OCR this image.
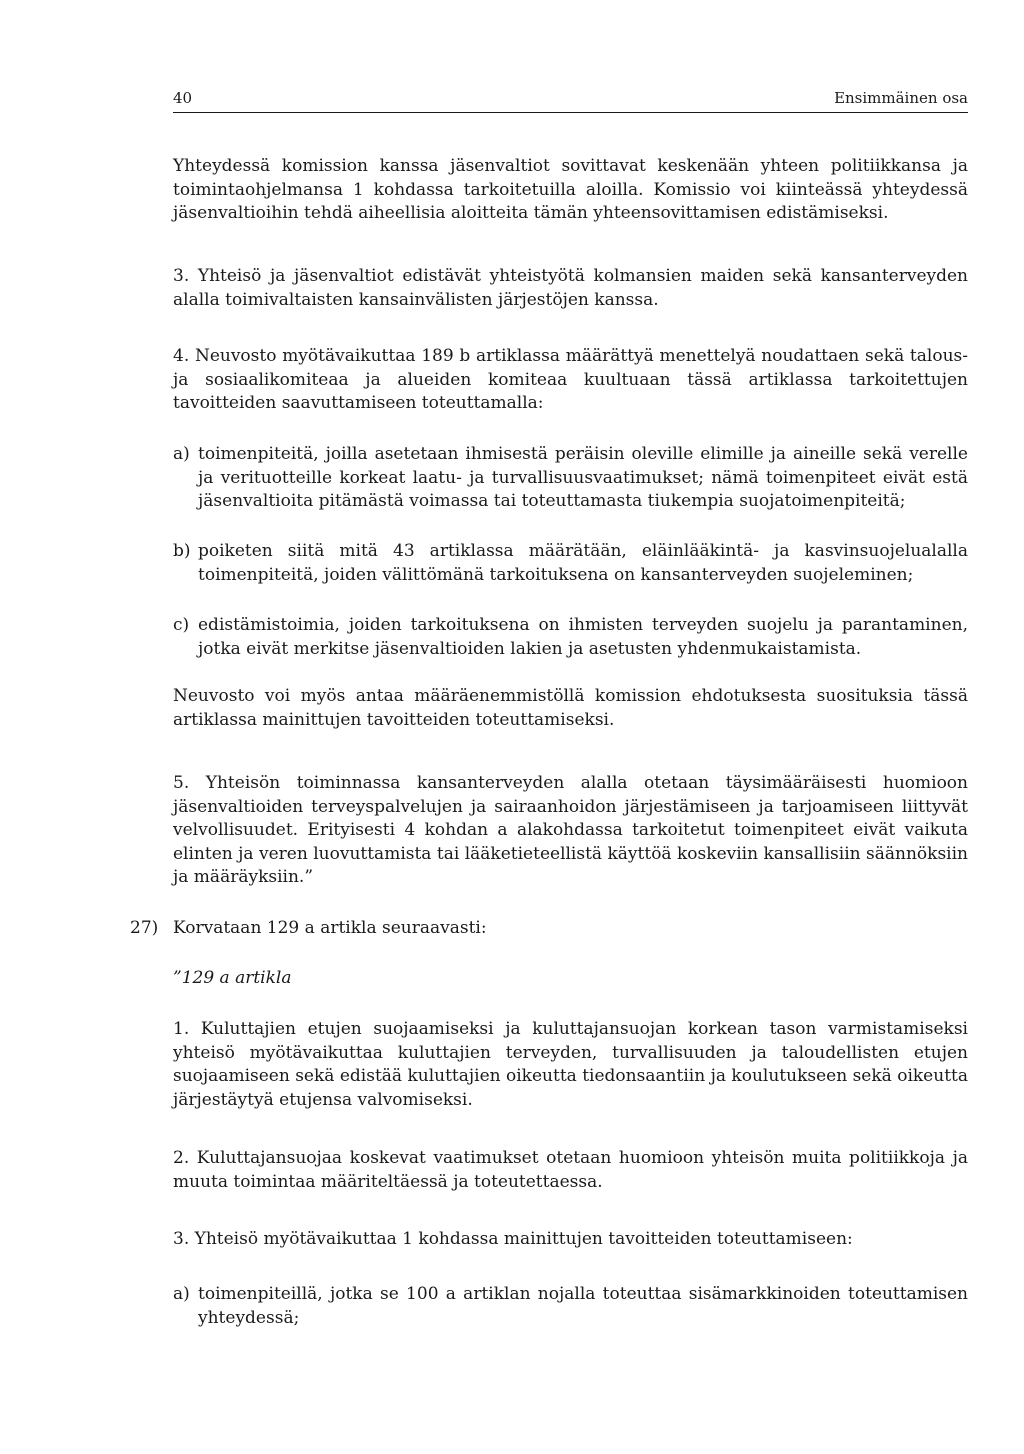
40	Ensimmäinen osa

Yhteydessä komission kanssa jäsenvaltiot sovittavat keskenään yhteen politiikkansa ja toimintaohjelmansa 1 kohdassa tarkoitetuilla aloilla. Komissio voi kiinteässä yhteydessä jäsenvaltioihin tehdä aiheellisia aloitteita tämän yhteensovittamisen edistämiseksi.

3. Yhteisö ja jäsenvaltiot edistävät yhteistyötä kolmansien maiden sekä kansanterveyden alalla toimivaltaisten kansainvälisten järjestöjen kanssa.

4. Neuvosto myötävaikuttaa 189 b artiklassa määrättyä menettelyä noudattaen sekä talous- ja sosiaalikomiteaa ja alueiden komiteaa kuultuaan tässä artiklassa tarkoitettujen tavoitteiden saavuttamiseen toteuttamalla:

a) toimenpiteitä, joilla asetetaan ihmisestä peräisin oleville elimille ja aineille sekä verelle ja verituotteille korkeat laatu- ja turvallisuusvaatimukset; nämä toimenpiteet eivät estä jäsenvaltioita pitämästä voimassa tai toteuttamasta tiukempia suojatoimenpiteitä;

b) poiketen siitä mitä 43 artiklassa määrätään, eläinlääkintä- ja kasvinsuojelualalla toimenpiteitä, joiden välittömänä tarkoituksena on kansanterveyden suojeleminen;

c) edistämistoimia, joiden tarkoituksena on ihmisten terveyden suojelu ja parantaminen, jotka eivät merkitse jäsenvaltioiden lakien ja asetusten yhdenmukaistamista.

Neuvosto voi myös antaa määräenemmistöllä komission ehdotuksesta suosituksia tässä artiklassa mainittujen tavoitteiden toteuttamiseksi.

5. Yhteisön toiminnassa kansanterveyden alalla otetaan täysimääräisesti huomioon jäsenvaltioiden terveyspalvelujen ja sairaanhoidon järjestämiseen ja tarjoamiseen liittyvät velvollisuudet. Erityisesti 4 kohdan a alakohdassa tarkoitetut toimenpiteet eivät vaikuta elinten ja veren luovuttamista tai lääketieteellistä käyttöä koskeviin kansallisiin säännöksiin ja määräyksiin.”

27) Korvataan 129 a artikla seuraavasti:

”129 a artikla

1. Kuluttajien etujen suojaamiseksi ja kuluttajansuojan korkean tason varmistamiseksi yhteisö myötävaikuttaa kuluttajien terveyden, turvallisuuden ja taloudellisten etujen suojaamiseen sekä edistää kuluttajien oikeutta tiedonsaantiin ja koulutukseen sekä oikeutta järjestäytyä etujensa valvomiseksi.

2. Kuluttajansuojaa koskevat vaatimukset otetaan huomioon yhteisön muita politiikkoja ja muuta toimintaa määriteltäessä ja toteutettaessa.

3. Yhteisö myötävaikuttaa 1 kohdassa mainittujen tavoitteiden toteuttamiseen:

a) toimenpiteillä, jotka se 100 a artiklan nojalla toteuttaa sisämarkkinoiden toteuttamisen yhteydessä;
